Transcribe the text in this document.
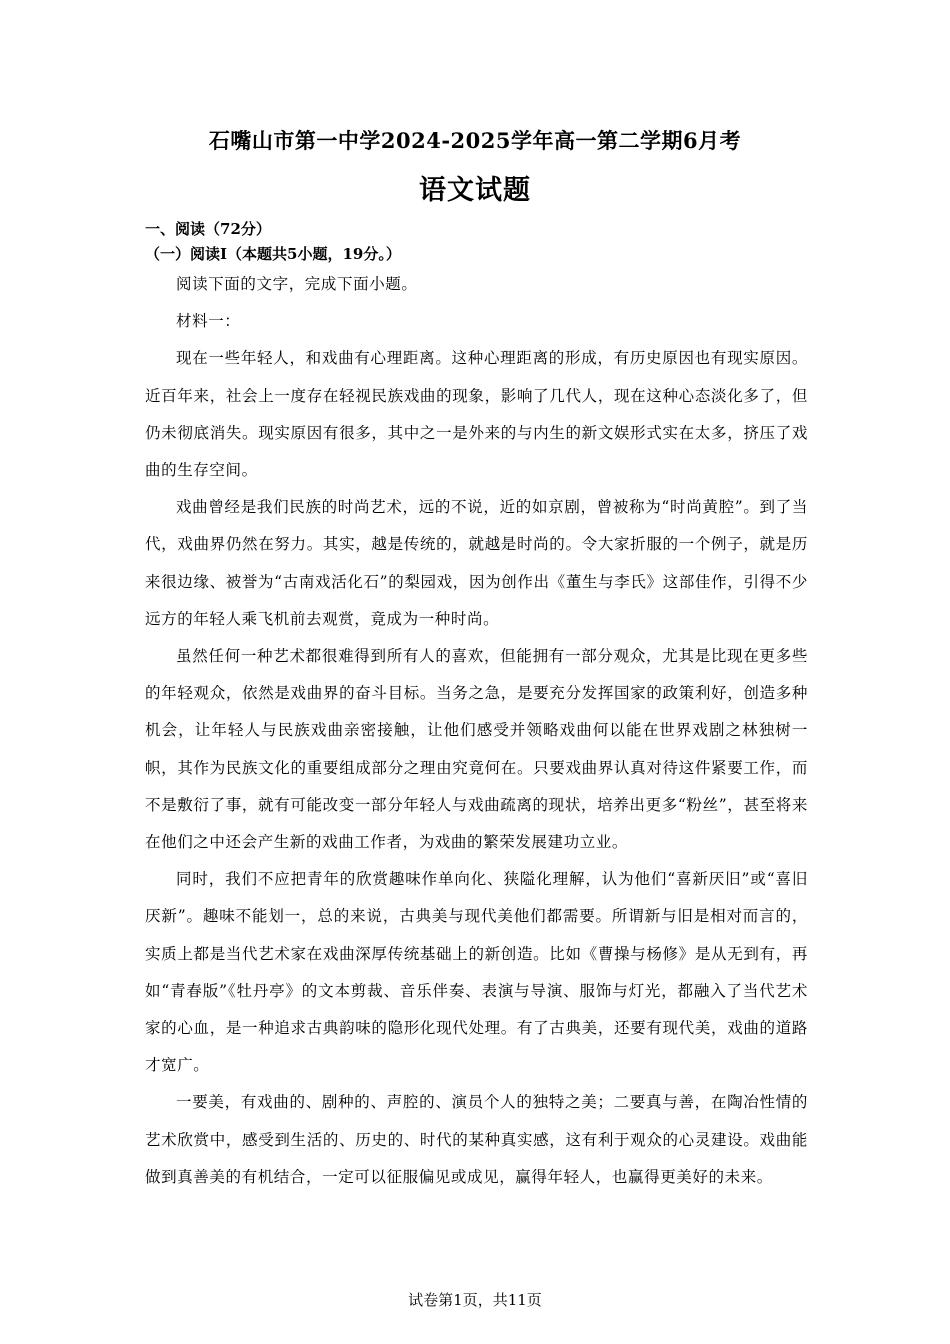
石嘴山市第一中学2024-2025学年高一第二学期6月考
语文试题
一、阅读（72分）
（一）阅读I（本题共5小题，19分。）

阅读下面的文字，完成下面小题。

材料一：

现在一些年轻人，和戏曲有心理距离。这种心理距离的形成，有历史原因也有现实原因。近百年来，社会上一度存在轻视民族戏曲的现象，影响了几代人，现在这种心态淡化多了，但仍未彻底消失。现实原因有很多，其中之一是外来的与内生的新文娱形式实在太多，挤压了戏曲的生存空间。

戏曲曾经是我们民族的时尚艺术，远的不说，近的如京剧，曾被称为“时尚黄腔”。到了当代，戏曲界仍然在努力。其实，越是传统的，就越是时尚的。令大家折服的一个例子，就是历来很边缘、被誉为“古南戏活化石”的梨园戏，因为创作出《董生与李氏》这部佳作，引得不少远方的年轻人乘飞机前去观赏，竟成为一种时尚。

虽然任何一种艺术都很难得到所有人的喜欢，但能拥有一部分观众，尤其是比现在更多些的年轻观众，依然是戏曲界的奋斗目标。当务之急，是要充分发挥国家的政策利好，创造多种机会，让年轻人与民族戏曲亲密接触，让他们感受并领略戏曲何以能在世界戏剧之林独树一帜，其作为民族文化的重要组成部分之理由究竟何在。只要戏曲界认真对待这件紧要工作，而不是敷衍了事，就有可能改变一部分年轻人与戏曲疏离的现状，培养出更多“粉丝”，甚至将来在他们之中还会产生新的戏曲工作者，为戏曲的繁荣发展建功立业。

同时，我们不应把青年的欣赏趣味作单向化、狭隘化理解，认为他们“喜新厌旧”或“喜旧厌新”。趣味不能划一，总的来说，古典美与现代美他们都需要。所谓新与旧是相对而言的，实质上都是当代艺术家在戏曲深厚传统基础上的新创造。比如《曹操与杨修》是从无到有，再如“青春版”《牡丹亭》的文本剪裁、音乐伴奏、表演与导演、服饰与灯光，都融入了当代艺术家的心血，是一种追求古典韵味的隐形化现代处理。有了古典美，还要有现代美，戏曲的道路才宽广。

一要美，有戏曲的、剧种的、声腔的、演员个人的独特之美；二要真与善，在陶冶性情的艺术欣赏中，感受到生活的、历史的、时代的某种真实感，这有利于观众的心灵建设。戏曲能做到真善美的有机结合，一定可以征服偏见或成见，赢得年轻人，也赢得更美好的未来。

试卷第1页，共11页
